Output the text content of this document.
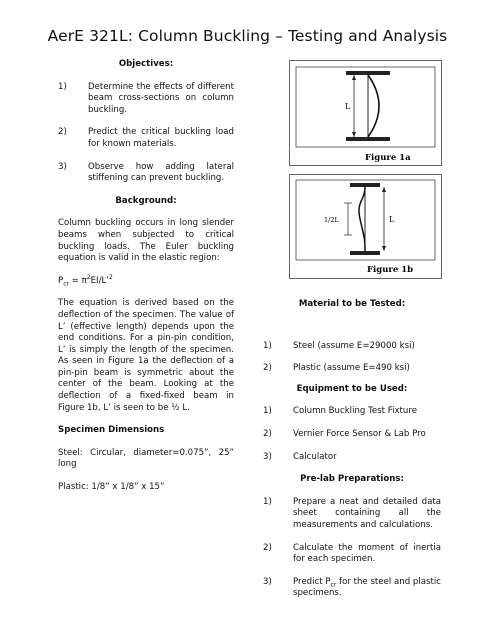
AerE 321L: Column Buckling – Testing and Analysis
Objectives:
1) Determine the effects of different beam cross-sections on column buckling.
2) Predict the critical buckling load for known materials.
3) Observe how adding lateral stiffening can prevent buckling.
Background:

Column buckling occurs in long slender beams when subjected to critical buckling loads. The Euler buckling equation is valid in the elastic region:

$P_{cr}$ = $\pi^2EI/L’^2$

The equation is derived based on the deflection of the specimen. The value of L’ (effective length) depends upon the end conditions. For a pin-pin condition, L’ is simply the length of the specimen. As seen in Figure 1a the deflection of a pin-pin beam is symmetric about the center of the beam. Looking at the deflection of a fixed-fixed beam in Figure 1b, L’ is seen to be ½ L.

Specimen Dimensions

Steel: Circular, diameter=0.075”, 25” long

Plastic: 1/8” x 1/8” x 15”

L
Figure 1a
1/2L	L
Figure 1b
Material to be Tested:
1) Steel (assume E=29000 ksi)
2) Plastic (assume E=490 ksi)
Equipment to be Used:
1) Column Buckling Test Fixture
2) Vernier Force Sensor & Lab Pro
3) Calculator
Pre-lab Preparations:
1) Prepare a neat and detailed data sheet containing all the measurements and calculations.
2) Calculate the moment of inertia for each specimen.
3) Predict $P_{cr}$ for the steel and plastic specimens.
